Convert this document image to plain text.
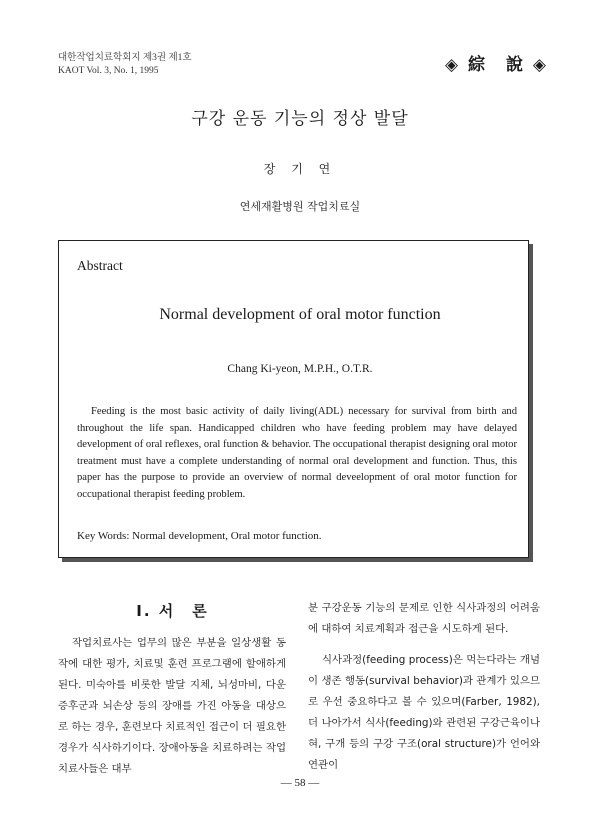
대한작업치료학회지 제3권 제1호
KAOT Vol. 3, No. 1, 1995	◈ 綜　說 ◈
구강 운동 기능의 정상 발달
장 기 연
연세재활병원 작업치료실
Abstract
Normal development of oral motor function
Chang Ki-yeon, M.P.H., O.T.R.
Feeding is the most basic activity of daily living(ADL) necessary for survival from birth and throughout the life span. Handicapped children who have feeding problem may have delayed development of oral reflexes, oral function & behavior. The occupational therapist designing oral motor treatment must have a complete understanding of normal oral development and function. Thus, this paper has the purpose to provide an overview of normal deveelopment of oral motor function for occupational therapist feeding problem.
Key Words: Normal development, Oral motor function.
I. 서　론

작업치료사는 업무의 많은 부분을 일상생활 동작에 대한 평가, 치료및 훈련 프로그램에 할애하게 된다. 미숙아를 비롯한 발달 지체, 뇌성마비, 다운 증후군과 뇌손상 등의 장애를 가진 아동을 대상으로 하는 경우, 훈련보다 치료적인 접근이 더 필요한 경우가 식사하기이다. 장애아동을 치료하려는 작업치료사들은 대부

분 구강운동 기능의 문제로 인한 식사과정의 어려움에 대하여 치료계획과 접근을 시도하게 된다.

식사과정(feeding process)은 먹는다라는 개념이 생존 행동(survival behavior)과 관계가 있으므로 우선 중요하다고 볼 수 있으며(Farber, 1982), 더 나아가서 식사(feeding)와 관련된 구강근육이나 혀, 구개 등의 구강 구조(oral structure)가 언어와 연관이

— 58 —
